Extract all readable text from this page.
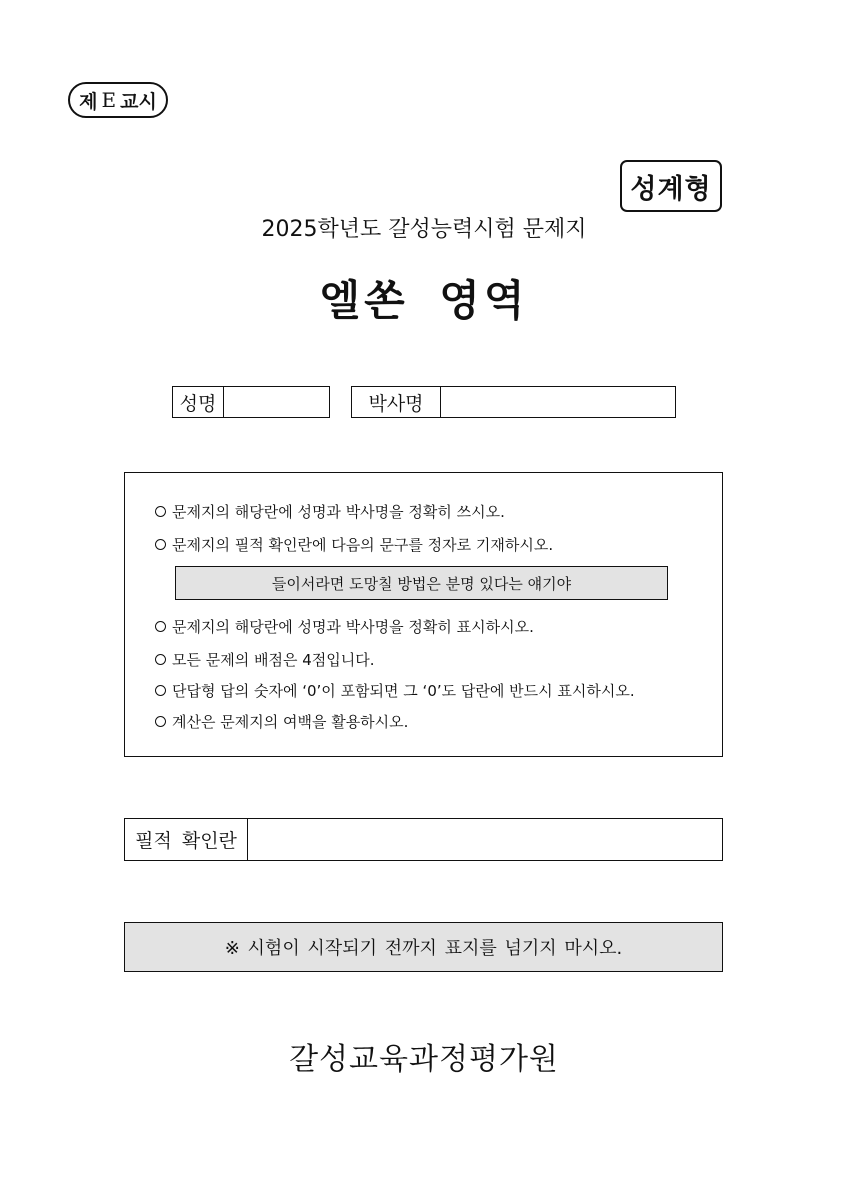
제 E 교시
성계형
2025학년도 갈성능력시험 문제지
엘쏜 영역
성명	박사명
문제지의 해당란에 성명과 박사명을 정확히 쓰시오.
문제지의 필적 확인란에 다음의 문구를 정자로 기재하시오.
들이서라면 도망칠 방법은 분명 있다는 얘기야
문제지의 해당란에 성명과 박사명을 정확히 표시하시오.
모든 문제의 배점은 4점입니다.
단답형 답의 숫자에 ‘0’이 포함되면 그 ‘0’도 답란에 반드시 표시하시오.
계산은 문제지의 여백을 활용하시오.
필적 확인란
※ 시험이 시작되기 전까지 표지를 넘기지 마시오.
갈성교육과정평가원
